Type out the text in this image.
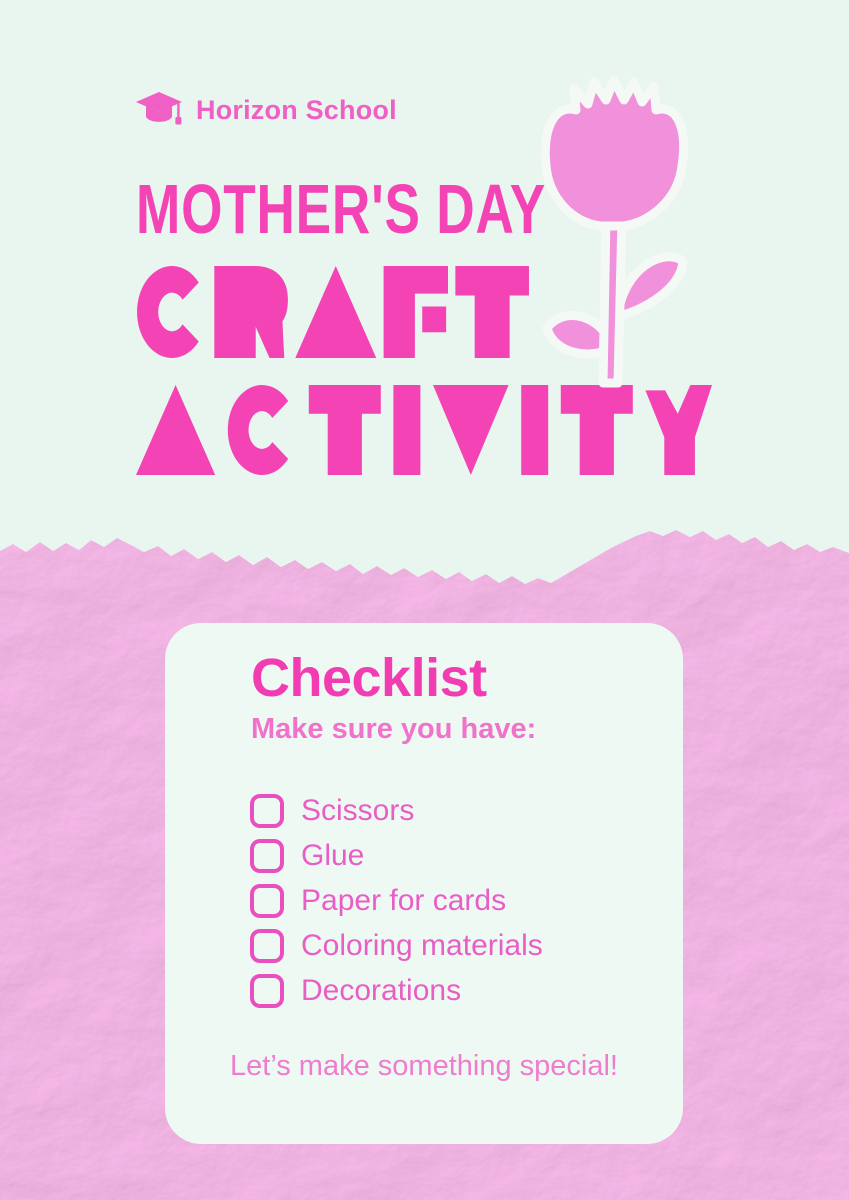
Horizon School
MOTHER'S DAY
Checklist
Make sure you have:
Scissors
Glue
Paper for cards
Coloring materials
Decorations
Let’s make something special!
